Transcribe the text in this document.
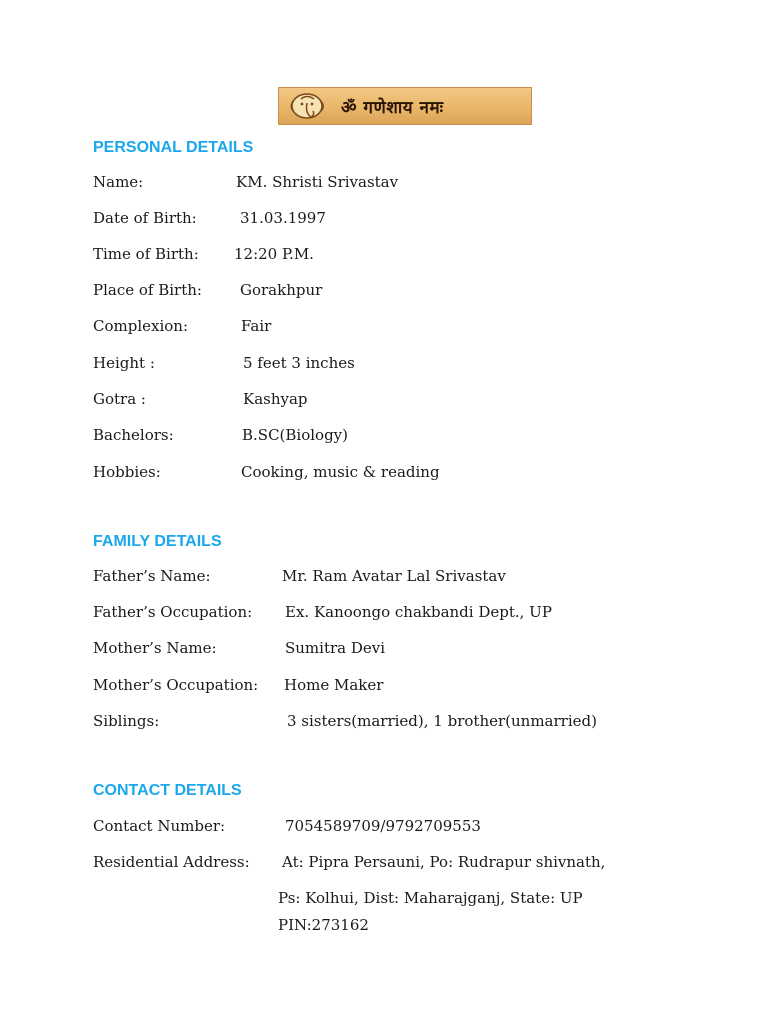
ॐ गणेशाय नमः
PERSONAL DETAILS
Name:	KM. Shristi Srivastav
Date of Birth:	31.03.1997
Time of Birth: 12:20 P.M.
Place of Birth:	Gorakhpur
Complexion:	Fair
Height :	5 feet 3 inches
Gotra :	Kashyap
Bachelors:	B.SC(Biology)
Hobbies:	Cooking, music & reading
FAMILY DETAILS
Father’s Name:	Mr. Ram Avatar Lal Srivastav
Father’s Occupation: Ex. Kanoongo chakbandi Dept., UP
Mother’s Name:	Sumitra Devi
Mother’s Occupation: Home Maker
Siblings:	3 sisters(married), 1 brother(unmarried)
CONTACT DETAILS
Contact Number:	7054589709/9792709553
Residential Address: At: Pipra Persauni, Po: Rudrapur shivnath,
Ps: Kolhui, Dist: Maharajganj, State: UP
PIN:273162
